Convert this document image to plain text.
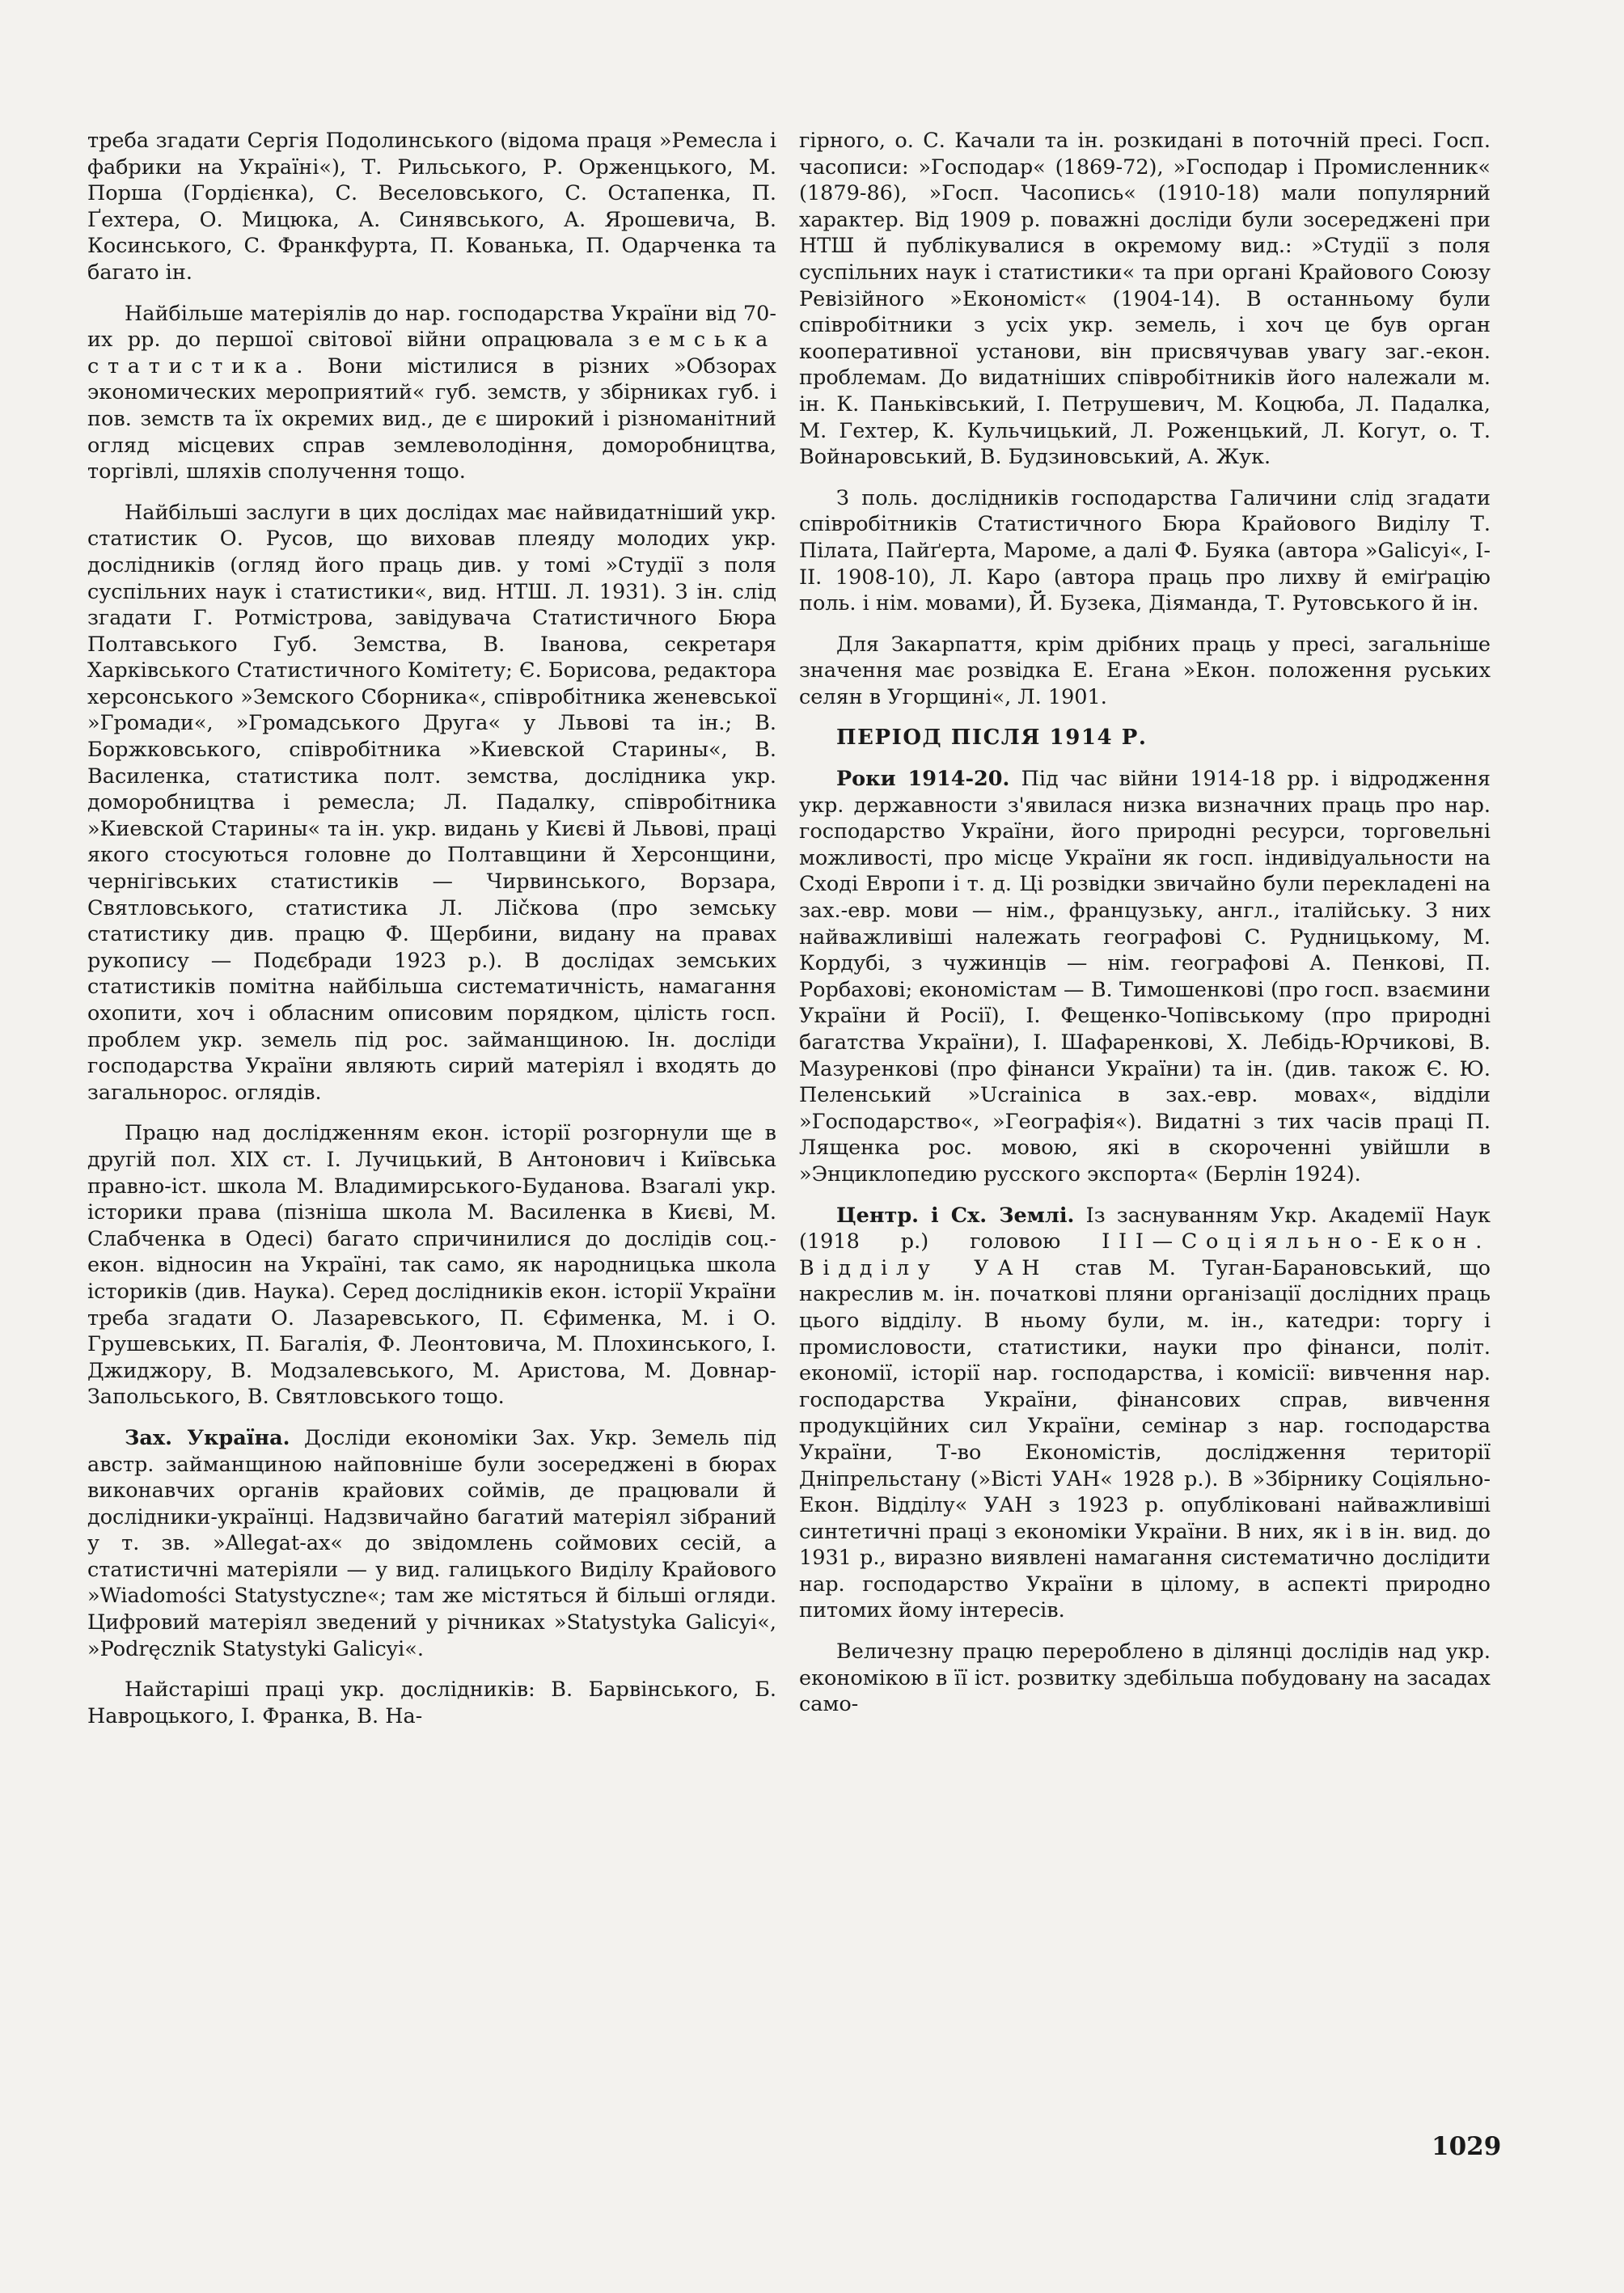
треба згадати Сергія Подолинського (відома праця »Ремесла і фабрики на Україні«), Т. Рильського, Р. Орженцького, М. Порша (Гордієнка), С. Веселовського, С. Остапенка, П. Ґехтера, О. Мицюка, А. Синявського, А. Ярошевича, В. Косинського, С. Франкфурта, П. Кованька, П. Одарченка та багато ін.

Найбільше матеріялів до нар. господарства України від 70-их рр. до першої світової війни опрацювала земська статистика. Вони містилися в різних »Обзорах экономических мероприятий« губ. земств, у збірниках губ. і пов. земств та їх окремих вид., де є широкий і різноманітний огляд місцевих справ землеволодіння, доморобництва, торгівлі, шляхів сполучення тощо.

Найбільші заслуги в цих дослідах має найвидатніший укр. статистик О. Русов, що виховав плеяду молодих укр. дослідників (огляд його праць див. у томі »Студії з поля суспільних наук і статистики«, вид. НТШ. Л. 1931). З ін. слід згадати Г. Ротмістрова, завідувача Статистичного Бюра Полтавського Губ. Земства, В. Іванова, секретаря Харківського Статистичного Комітету; Є. Борисова, редактора херсонського »Земского Сборника«, співробітника женевської »Громади«, »Громадського Друга« у Львові та ін.; В. Боржковського, співробітника »Киевской Старины«, В. Василенка, статистика полт. земства, дослідника укр. доморобництва і ремесла; Л. Падалку, співробітника »Киевской Старины« та ін. укр. видань у Києві й Львові, праці якого стосуються головне до Полтавщини й Херсонщини, чернігівських статистиків — Чирвинського, Ворзара, Святловського, статистика Л. Ліčкова (про земську статистику див. працю Ф. Щербини, видану на правах рукопису — Подєбради 1923 р.). В дослідах земських статистиків помітна найбільша систематичність, намагання охопити, хоч і обласним описовим порядком, цілість госп. проблем укр. земель під рос. займанщиною. Ін. досліди господарства України являють сирий матеріял і входять до загальнорос. оглядів.

Працю над дослідженням екон. історії розгорнули ще в другій пол. XIX ст. І. Лучицький, В Антонович і Київська правно-іст. школа М. Владимирського-Буданова. Взагалі укр. історики права (пізніша школа М. Василенка в Києві, М. Слабченка в Одесі) багато спричинилися до дослідів соц.-екон. відносин на Україні, так само, як народницька школа істориків (див. Наука). Серед дослідників екон. історії України треба згадати О. Лазаревського, П. Єфименка, М. і О. Грушевських, П. Багалія, Ф. Леонтовича, М. Плохинського, І. Джиджору, В. Модзалевського, М. Аристова, М. Довнар-Запольського, В. Святловського тощо.

Зах. Україна. Досліди економіки Зах. Укр. Земель під австр. займанщиною найповніше були зосереджені в бюрах виконавчих органів крайових соймів, де працювали й дослідники-українці. Надзвичайно багатий матеріял зібраний у т. зв. »Allegat-ах« до звідомлень соймових сесій, а статистичні матеріяли — у вид. галицького Виділу Крайового »Wiadomości Statystyczne«; там же містяться й більші огляди. Цифровий матеріял зведений у річниках »Statystyka Galicyi«, »Podręcznik Statystyki Galicyi«.

Найстаріші праці укр. дослідників: В. Барвінського, Б. Навроцького, І. Франка, В. На-

гірного, о. С. Качали та ін. розкидані в поточній пресі. Госп. часописи: »Господар« (1869-72), »Господар і Промисленник« (1879-86), »Госп. Часопись« (1910-18) мали популярний характер. Від 1909 р. поважні досліди були зосереджені при НТШ й публікувалися в окремому вид.: »Студії з поля суспільних наук і статистики« та при органі Крайового Союзу Ревізійного »Економіст« (1904-14). В останньому були співробітники з усіх укр. земель, і хоч це був орган кооперативної установи, він присвячував увагу заг.-екон. проблемам. До видатніших співробітників його належали м. ін. К. Паньківський, І. Петрушевич, М. Коцюба, Л. Падалка, М. Гехтер, К. Кульчицький, Л. Роженцький, Л. Когут, о. Т. Войнаровський, В. Будзиновський, А. Жук.

З поль. дослідників господарства Галичини слід згадати співробітників Статистичного Бюра Крайового Виділу Т. Пілата, Пайґерта, Мароме, а далі Ф. Буяка (автора »Galicyi«, І-ІІ. 1908-10), Л. Каро (автора праць про лихву й еміґрацію поль. і нім. мовами), Й. Бузека, Діяманда, Т. Рутовського й ін.

Для Закарпаття, крім дрібних праць у пресі, загальніше значення має розвідка Е. Егана »Екон. положення руських селян в Угорщині«, Л. 1901.

ПЕРІОД ПІСЛЯ 1914 Р.

Роки 1914-20. Під час війни 1914-18 рр. і відродження укр. державности з'явилася низка визначних праць про нар. господарство України, його природні ресурси, торговельні можливості, про місце України як госп. індивідуальности на Сході Европи і т. д. Ці розвідки звичайно були перекладені на зах.-евр. мови — нім., французьку, англ., італійську. З них найважливіші належать географові С. Рудницькому, М. Кордубі, з чужинців — нім. географові А. Пенкові, П. Рорбахові; економістам — В. Тимошенкові (про госп. взаємини України й Росії), І. Фещенко-Чопівському (про природні багатства України), І. Шафаренкові, Х. Лебідь-Юрчикові, В. Мазуренкові (про фінанси України) та ін. (див. також Є. Ю. Пеленський »Ucrainica в зах.-евр. мовах«, відділи »Господарство«, »Географія«). Видатні з тих часів праці П. Лященка рос. мовою, які в скороченні увійшли в »Энциклопедию русского экспорта« (Берлін 1924).

Центр. і Сх. Землі. Із заснуванням Укр. Академії Наук (1918 р.) головою ІІІ—Соціяльно-Екон. Відділу УАН став М. Туган-Барановський, що накреслив м. ін. початкові пляни організації дослідних праць цього відділу. В ньому були, м. ін., катедри: торгу і промисловости, статистики, науки про фінанси, політ. економії, історії нар. господарства, і комісії: вивчення нар. господарства України, фінансових справ, вивчення продукційних сил України, семінар з нар. господарства України, Т-во Економістів, дослідження території Дніпрельстану (»Вісті УАН« 1928 р.). В »Збірнику Соціяльно-Екон. Відділу« УАН з 1923 р. опубліковані найважливіші синтетичні праці з економіки України. В них, як і в ін. вид. до 1931 р., виразно виявлені намагання систематично дослідити нар. господарство України в цілому, в аспекті природно питомих йому інтересів.

Величезну працю перероблено в ділянці дослідів над укр. економікою в її іст. розвитку здебільша побудовану на засадах само-

1029
